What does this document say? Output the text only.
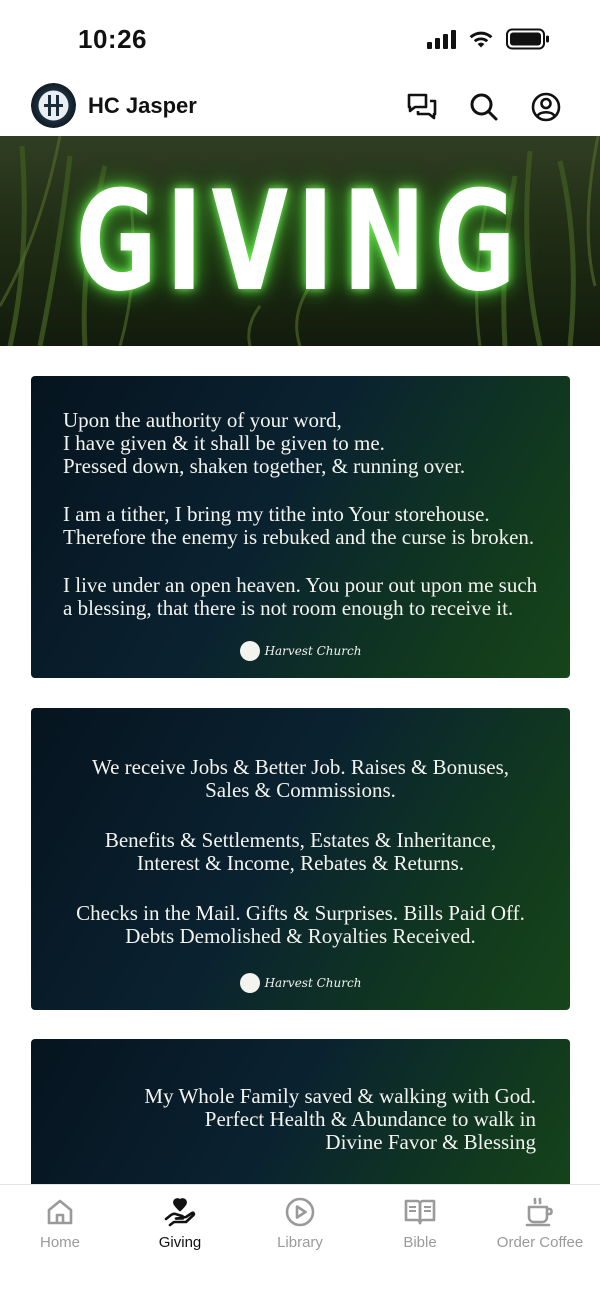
10:26
HC Jasper
GIVING
Upon the authority of your word,
I have given & it shall be given to me.
Pressed down, shaken together, & running over.
I am a tither, I bring my tithe into Your storehouse.
Therefore the enemy is rebuked and the curse is broken.
I live under an open heaven. You pour out upon me such
a blessing, that there is not room enough to receive it.
Harvest Church
We receive Jobs & Better Job. Raises & Bonuses,
Sales & Commissions.
Benefits & Settlements, Estates & Inheritance,
Interest & Income, Rebates & Returns.
Checks in the Mail. Gifts & Surprises. Bills Paid Off.
Debts Demolished & Royalties Received.
Harvest Church
My Whole Family saved & walking with God.
Perfect Health & Abundance to walk in
Divine Favor & Blessing
Home	Giving	Library	Bible	Order Coffee
